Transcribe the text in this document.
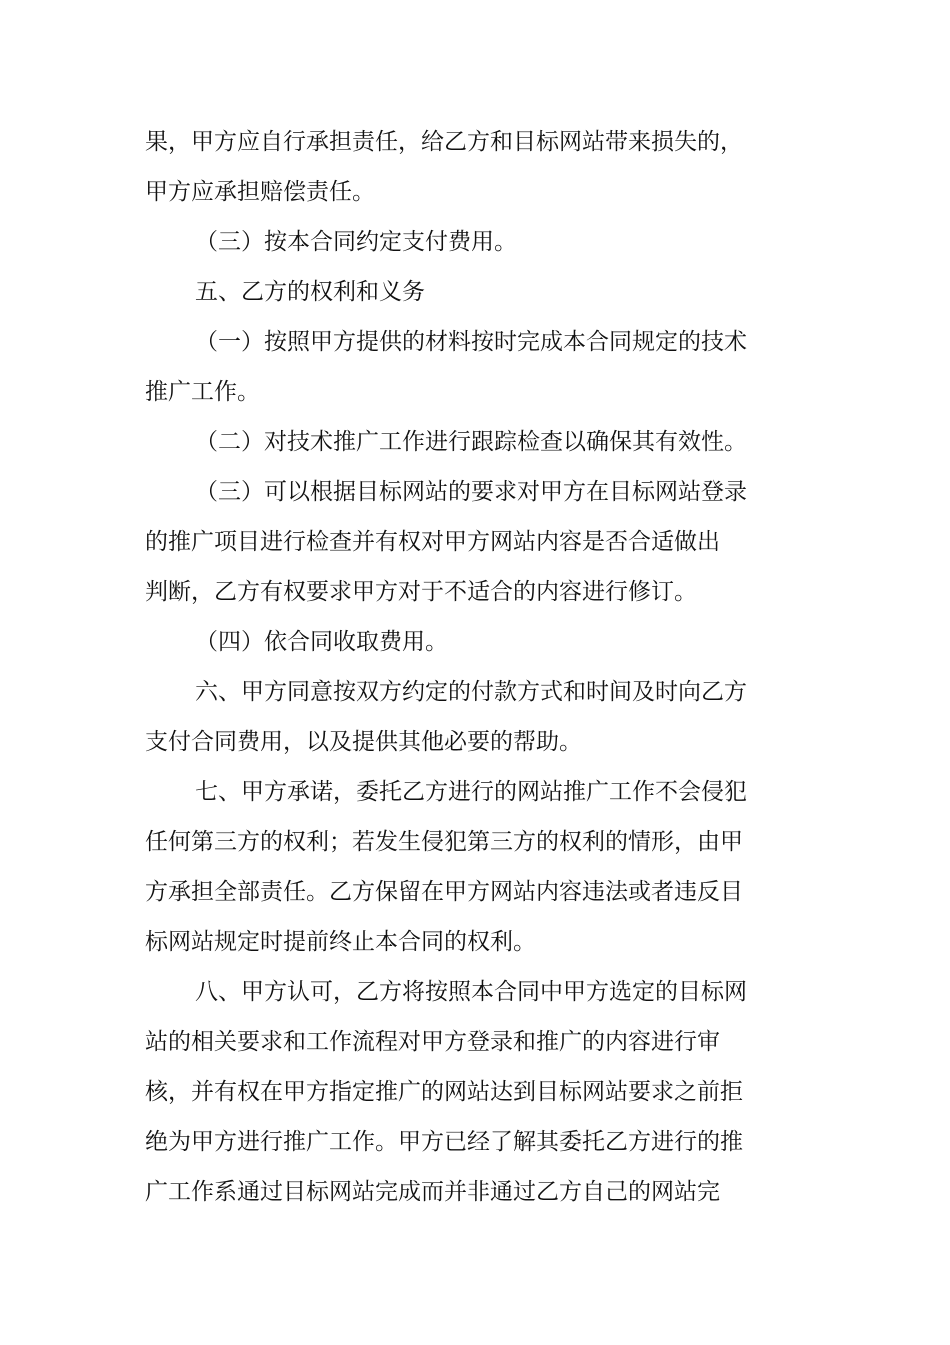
果，甲方应自行承担责任，给乙方和目标网站带来损失的，
甲方应承担赔偿责任。
（三）按本合同约定支付费用。
五、乙方的权利和义务
（一）按照甲方提供的材料按时完成本合同规定的技术
推广工作。
（二）对技术推广工作进行跟踪检查以确保其有效性。
（三）可以根据目标网站的要求对甲方在目标网站登录
的推广项目进行检查并有权对甲方网站内容是否合适做出
判断，乙方有权要求甲方对于不适合的内容进行修订。
（四）依合同收取费用。
六、甲方同意按双方约定的付款方式和时间及时向乙方
支付合同费用，以及提供其他必要的帮助。
七、甲方承诺，委托乙方进行的网站推广工作不会侵犯
任何第三方的权利；若发生侵犯第三方的权利的情形，由甲
方承担全部责任。乙方保留在甲方网站内容违法或者违反目
标网站规定时提前终止本合同的权利。
八、甲方认可，乙方将按照本合同中甲方选定的目标网
站的相关要求和工作流程对甲方登录和推广的内容进行审
核，并有权在甲方指定推广的网站达到目标网站要求之前拒
绝为甲方进行推广工作。甲方已经了解其委托乙方进行的推
广工作系通过目标网站完成而并非通过乙方自己的网站完
